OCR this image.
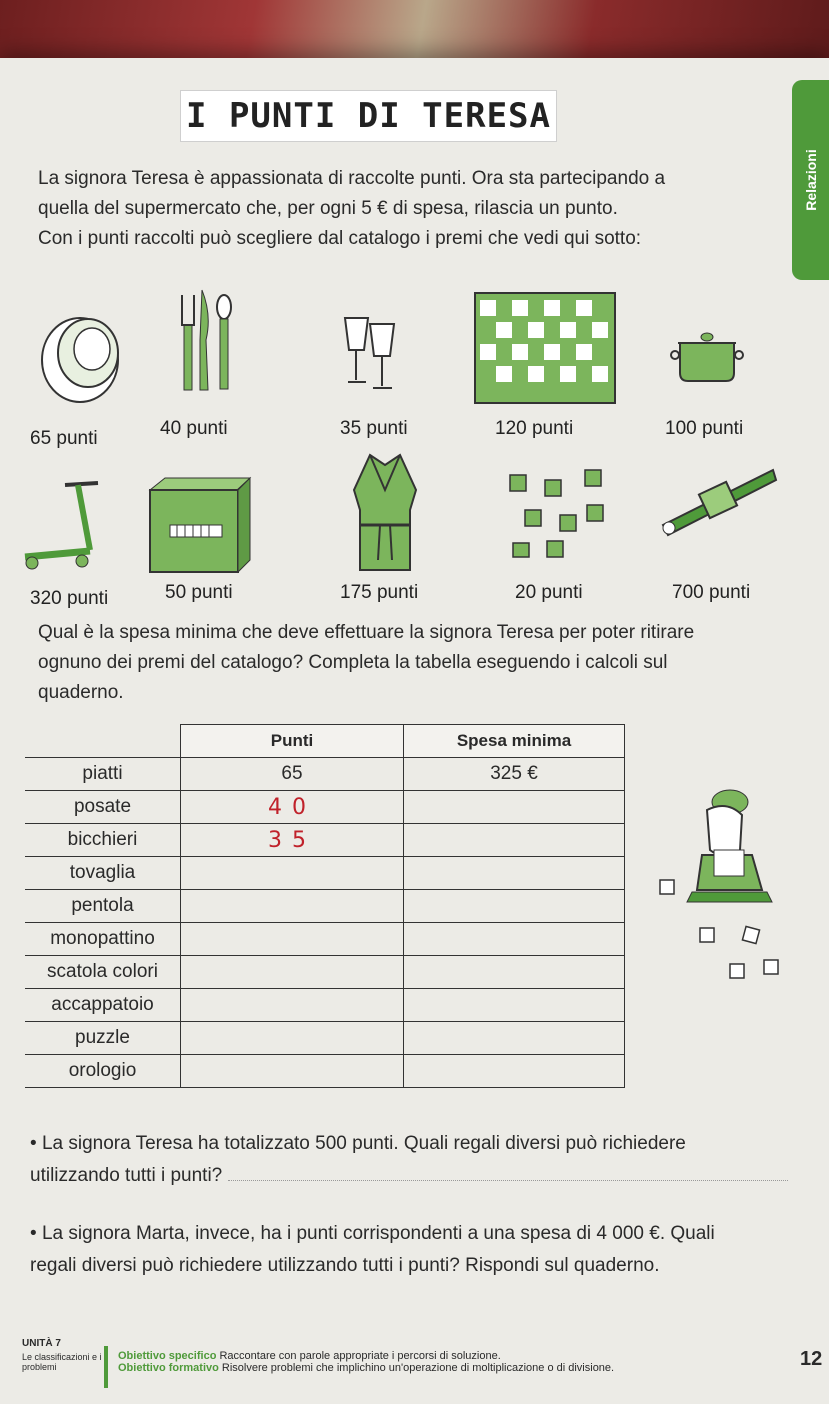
I PUNTI DI TERESA
Relazioni

La signora Teresa è appassionata di raccolte punti. Ora sta partecipando a

quella del supermercato che, per ogni 5 € di spesa, rilascia un punto.

Con i punti raccolti può scegliere dal catalogo i premi che vedi qui sotto:

65 punti	40 punti	35 punti	120 punti	100 punti
320 punti	50 punti	175 punti	20 punti	700 punti

Qual è la spesa minima che deve effettuare la signora Teresa per poter ritirare

ognuno dei premi del catalogo? Completa la tabella eseguendo i calcoli sul

quaderno.

	Punti	Spesa minima
piatti	65	325 €
posate	40	
bicchieri	35	
tovaglia		
pentola		
monopattino		
scatola colori		
accappatoio		
puzzle		
orologio		

• La signora Teresa ha totalizzato 500 punti. Quali regali diversi può richiedere

utilizzando tutti i punti?

• La signora Marta, invece, ha i punti corrispondenti a una spesa di 4 000 €. Quali

regali diversi può richiedere utilizzando tutti i punti? Rispondi sul quaderno.

UNITÀ 7
Le classificazioni e i problemi
Obiettivo specifico Raccontare con parole appropriate i percorsi di soluzione.
Obiettivo formativo Risolvere problemi che implichino un'operazione di moltiplicazione o di divisione.	12
